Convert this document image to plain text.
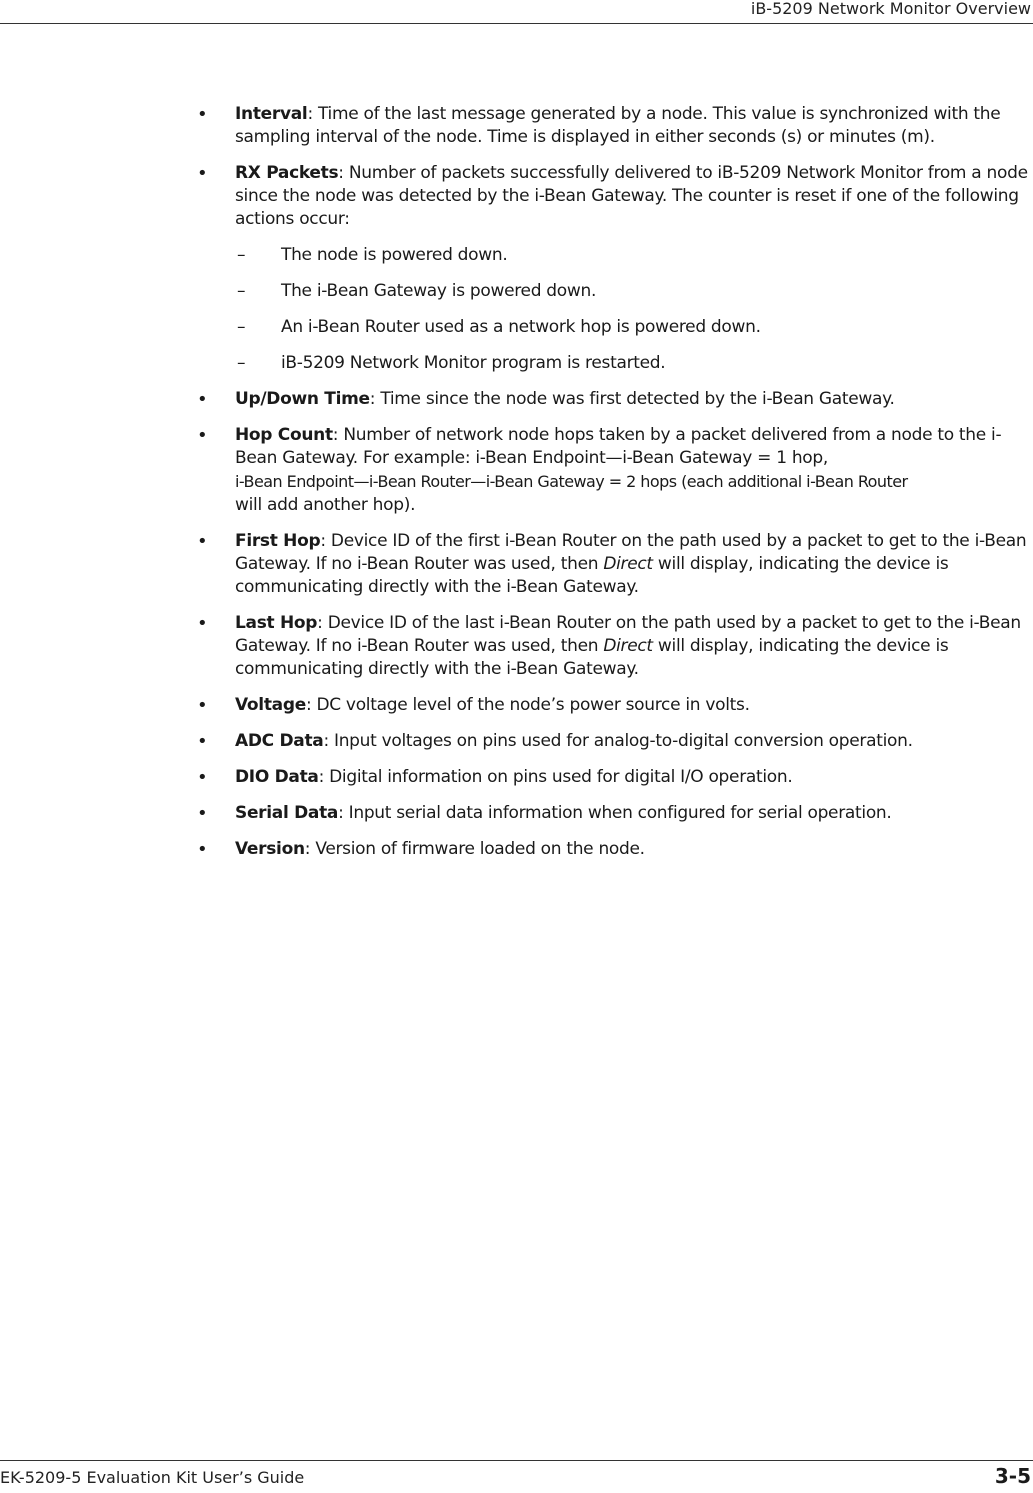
iB-5209 Network Monitor Overview
• Interval: Time of the last message generated by a node. This value is synchronized with the sampling interval of the node. Time is displayed in either seconds (s) or minutes (m).
• RX Packets: Number of packets successfully delivered to iB-5209 Network Monitor from a node since the node was detected by the i-Bean Gateway. The counter is reset if one of the following actions occur:
– The node is powered down.
– The i-Bean Gateway is powered down.
– An i-Bean Router used as a network hop is powered down.
– iB-5209 Network Monitor program is restarted.
• Up/Down Time: Time since the node was first detected by the i-Bean Gateway.
• Hop Count: Number of network node hops taken by a packet delivered from a node to the i-Bean Gateway. For example: i-Bean Endpoint—i-Bean Gateway = 1 hop,
i-Bean Endpoint—i-Bean Router—i-Bean Gateway = 2 hops (each additional i-Bean Router
will add another hop).
• First Hop: Device ID of the first i-Bean Router on the path used by a packet to get to the i-Bean Gateway. If no i-Bean Router was used, then Direct will display, indicating the device is communicating directly with the i-Bean Gateway.
• Last Hop: Device ID of the last i-Bean Router on the path used by a packet to get to the i-Bean Gateway. If no i-Bean Router was used, then Direct will display, indicating the device is communicating directly with the i-Bean Gateway.
• Voltage: DC voltage level of the node’s power source in volts.
• ADC Data: Input voltages on pins used for analog-to-digital conversion operation.
• DIO Data: Digital information on pins used for digital I/O operation.
• Serial Data: Input serial data information when configured for serial operation.
• Version: Version of firmware loaded on the node.
EK-5209-5 Evaluation Kit User’s Guide	3-5
